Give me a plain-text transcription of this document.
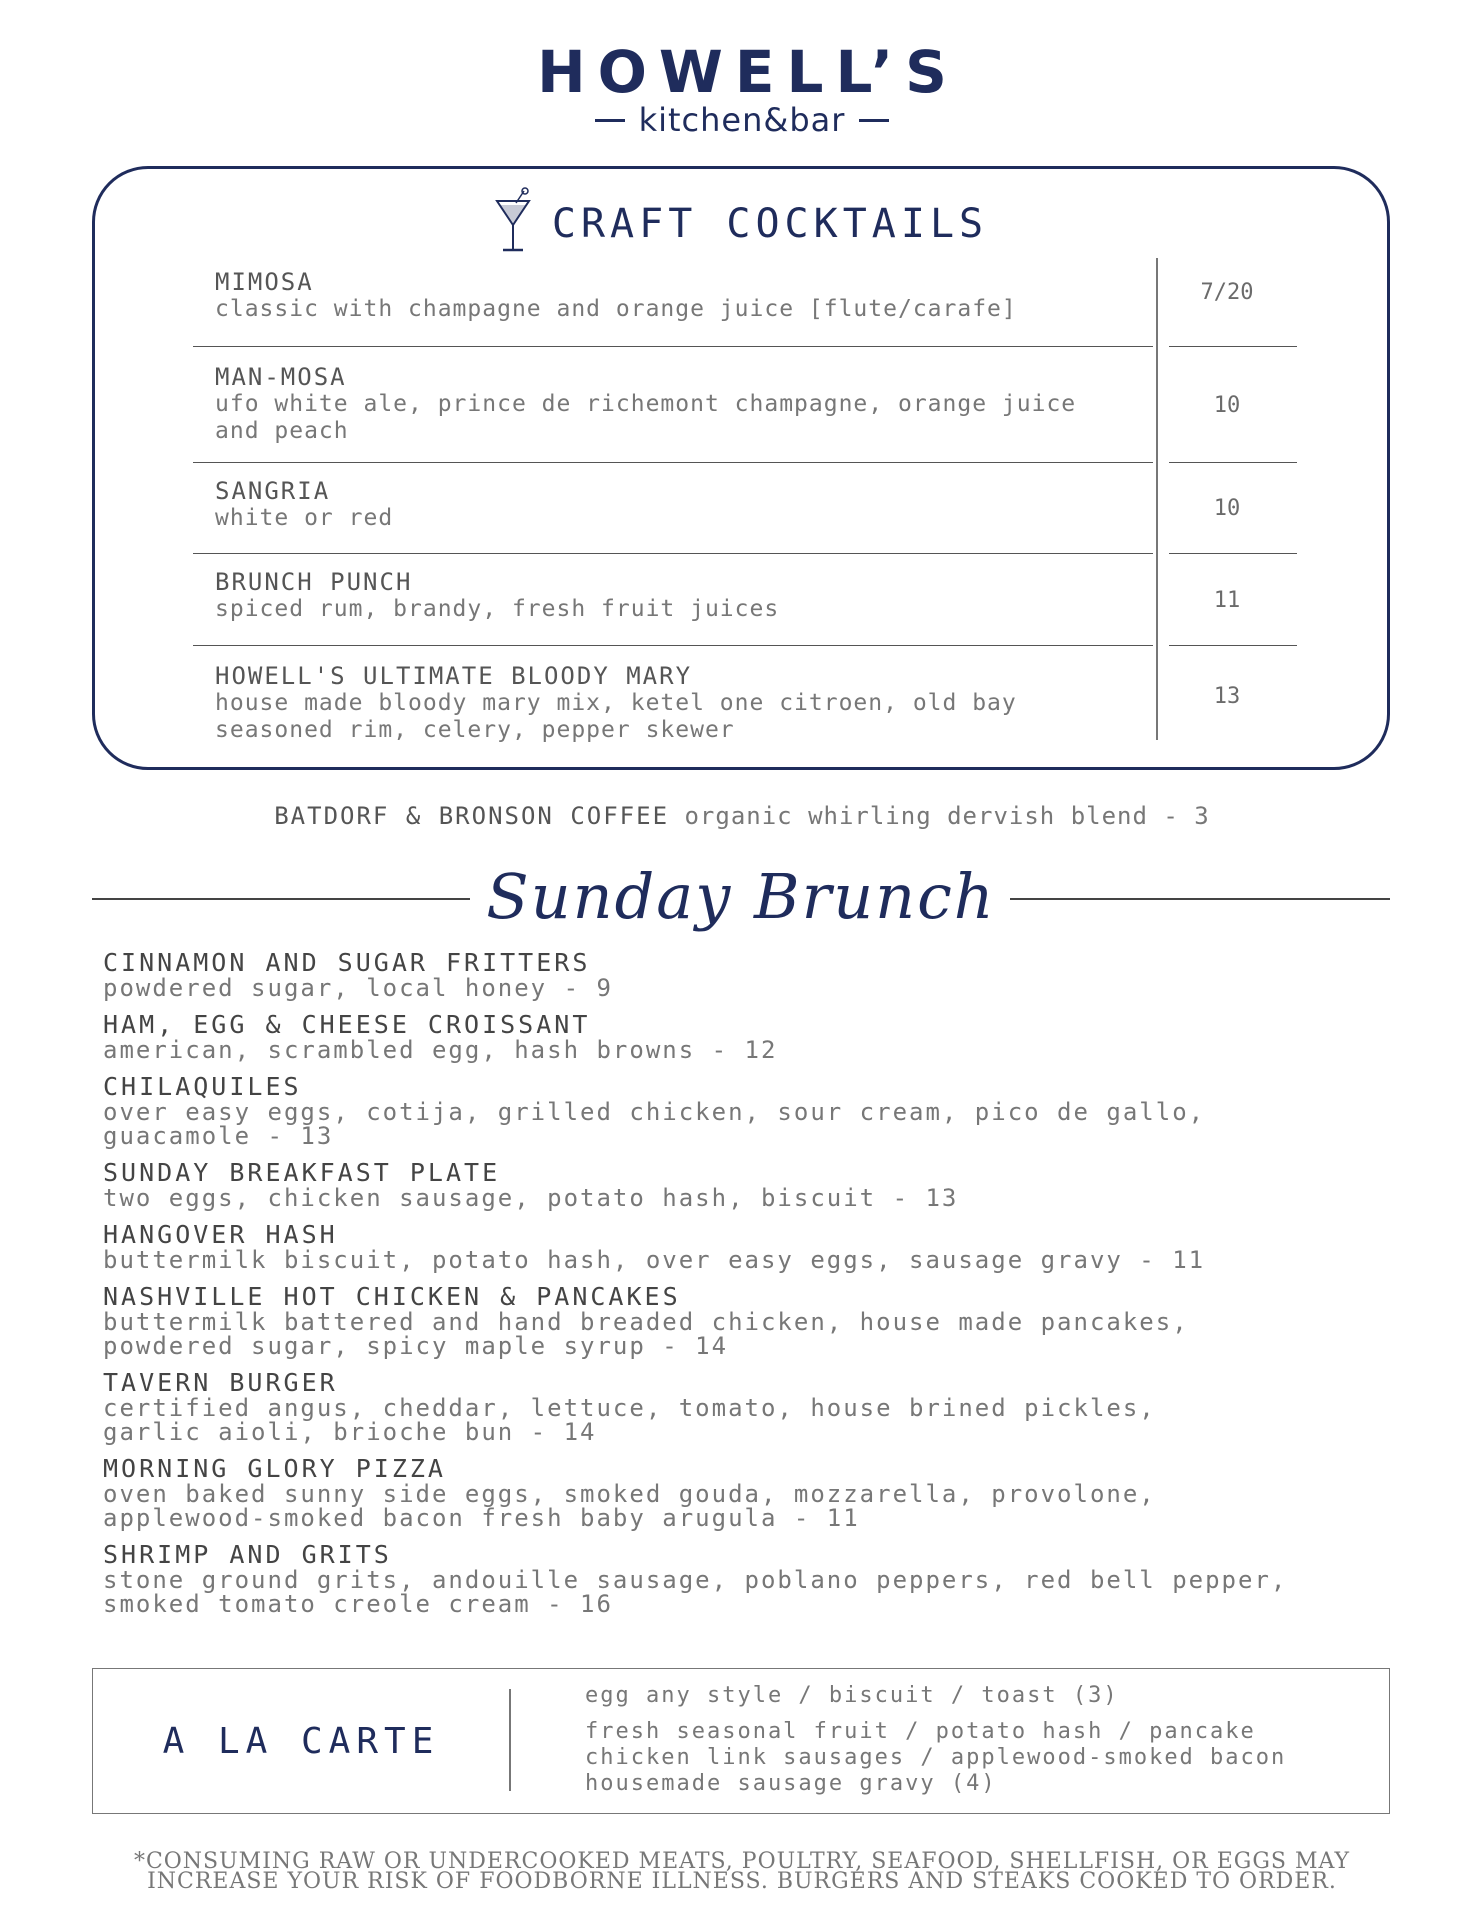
HOWELL’S
kitchen&bar
CRAFT COCKTAILS
MIMOSA
classic with champagne and orange juice [flute/carafe]
7/20
MAN-MOSA
ufo white ale, prince de richemont champagne, orange juice and peach
10
SANGRIA
white or red	10
BRUNCH PUNCH
spiced rum, brandy, fresh fruit juices	11
HOWELL'S ULTIMATE BLOODY MARY
house made bloody mary mix, ketel one citroen, old bay seasoned rim, celery, pepper skewer
13
BATDORF & BRONSON COFFEE organic whirling dervish blend - 3
Sunday Brunch
CINNAMON AND SUGAR FRITTERS
powdered sugar, local honey - 9
HAM, EGG & CHEESE CROISSANT
american, scrambled egg, hash browns - 12
CHILAQUILES
over easy eggs, cotija, grilled chicken, sour cream, pico de gallo, guacamole - 13
SUNDAY BREAKFAST PLATE
two eggs, chicken sausage, potato hash, biscuit - 13
HANGOVER HASH
buttermilk biscuit, potato hash, over easy eggs, sausage gravy - 11
NASHVILLE HOT CHICKEN & PANCAKES
buttermilk battered and hand breaded chicken, house made pancakes, powdered sugar, spicy maple syrup - 14
TAVERN BURGER
certified angus, cheddar, lettuce, tomato, house brined pickles, garlic aioli, brioche bun - 14
MORNING GLORY PIZZA
oven baked sunny side eggs, smoked gouda, mozzarella, provolone, applewood-smoked bacon fresh baby arugula - 11
SHRIMP AND GRITS
stone ground grits, andouille sausage, poblano peppers, red bell pepper, smoked tomato creole cream - 16
A LA CARTE
egg any style / biscuit / toast (3)
fresh seasonal fruit / potato hash / pancake
chicken link sausages / applewood-smoked bacon
housemade sausage gravy (4)
*CONSUMING RAW OR UNDERCOOKED MEATS, POULTRY, SEAFOOD, SHELLFISH, OR EGGS MAY
INCREASE YOUR RISK OF FOODBORNE ILLNESS. BURGERS AND STEAKS COOKED TO ORDER.
